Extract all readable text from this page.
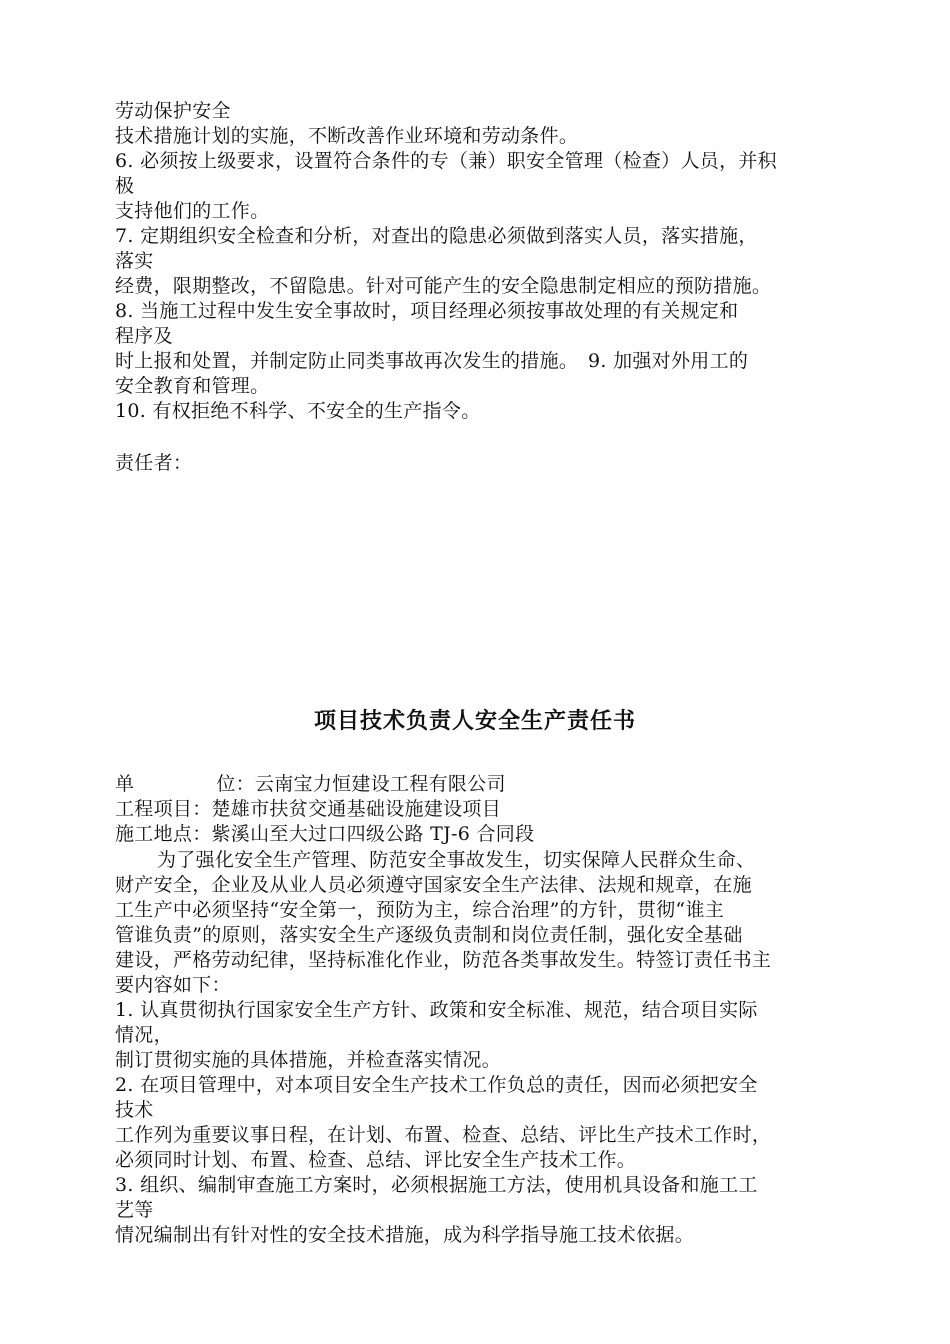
劳动保护安全
技术措施计划的实施，不断改善作业环境和劳动条件。
6. 必须按上级要求，设置符合条件的专（兼）职安全管理（检查）人员，并积
极
支持他们的工作。
7. 定期组织安全检查和分析，对查出的隐患必须做到落实人员，落实措施，
落实
经费，限期整改，不留隐患。针对可能产生的安全隐患制定相应的预防措施。
8. 当施工过程中发生安全事故时，项目经理必须按事故处理的有关规定和
程序及
时上报和处置，并制定防止同类事故再次发生的措施。　9. 加强对外用工的
安全教育和管理。
10. 有权拒绝不科学、不安全的生产指令。
责任者：
项目技术负责人安全生产责任书
单	位：云南宝力恒建设工程有限公司
工程项目：楚雄市扶贫交通基础设施建设项目
施工地点：紫溪山至大过口四级公路 TJ-6 合同段
为了强化安全生产管理、防范安全事故发生，切实保障人民群众生命、
财产安全，企业及从业人员必须遵守国家安全生产法律、法规和规章，在施
工生产中必须坚持“安全第一，预防为主，综合治理”的方针，贯彻“谁主
管谁负责”的原则，落实安全生产逐级负责制和岗位责任制，强化安全基础
建设，严格劳动纪律，坚持标准化作业，防范各类事故发生。特签订责任书主
要内容如下：
1. 认真贯彻执行国家安全生产方针、政策和安全标准、规范，结合项目实际
情况，
制订贯彻实施的具体措施，并检查落实情况。
2. 在项目管理中，对本项目安全生产技术工作负总的责任，因而必须把安全
技术
工作列为重要议事日程，在计划、布置、检查、总结、评比生产技术工作时，
必须同时计划、布置、检查、总结、评比安全生产技术工作。
3. 组织、编制审查施工方案时，必须根据施工方法，使用机具设备和施工工
艺等
情况编制出有针对性的安全技术措施，成为科学指导施工技术依据。
